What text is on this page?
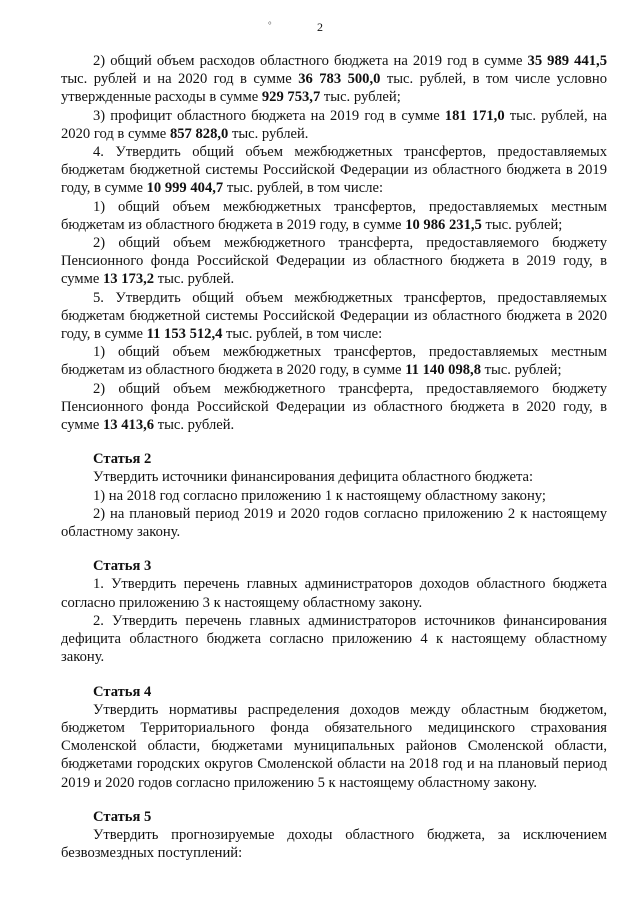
°	2

2) общий объем расходов областного бюджета на 2019 год в сумме 35 989 441,5 тыс. рублей и на 2020 год в сумме 36 783 500,0 тыс. рублей, в том числе условно утвержденные расходы в сумме 929 753,7 тыс. рублей;

3) профицит областного бюджета на 2019 год в сумме 181 171,0 тыс. рублей, на 2020 год в сумме 857 828,0 тыс. рублей.

4. Утвердить общий объем межбюджетных трансфертов, предоставляемых бюджетам бюджетной системы Российской Федерации из областного бюджета в 2019 году, в сумме 10 999 404,7 тыс. рублей, в том числе:

1) общий объем межбюджетных трансфертов, предоставляемых местным бюджетам из областного бюджета в 2019 году, в сумме 10 986 231,5 тыс. рублей;

2) общий объем межбюджетного трансферта, предоставляемого бюджету Пенсионного фонда Российской Федерации из областного бюджета в 2019 году, в сумме 13 173,2 тыс. рублей.

5. Утвердить общий объем межбюджетных трансфертов, предоставляемых бюджетам бюджетной системы Российской Федерации из областного бюджета в 2020 году, в сумме 11 153 512,4 тыс. рублей, в том числе:

1) общий объем межбюджетных трансфертов, предоставляемых местным бюджетам из областного бюджета в 2020 году, в сумме 11 140 098,8 тыс. рублей;

2) общий объем межбюджетного трансферта, предоставляемого бюджету Пенсионного фонда Российской Федерации из областного бюджета в 2020 году, в сумме 13 413,6 тыс. рублей.

Статья 2

Утвердить источники финансирования дефицита областного бюджета:

1) на 2018 год согласно приложению 1 к настоящему областному закону;

2) на плановый период 2019 и 2020 годов согласно приложению 2 к настоящему областному закону.

Статья 3

1. Утвердить перечень главных администраторов доходов областного бюджета согласно приложению 3 к настоящему областному закону.

2. Утвердить перечень главных администраторов источников финансирования дефицита областного бюджета согласно приложению 4 к настоящему областному закону.

Статья 4

Утвердить нормативы распределения доходов между областным бюджетом, бюджетом Территориального фонда обязательного медицинского страхования Смоленской области, бюджетами муниципальных районов Смоленской области, бюджетами городских округов Смоленской области на 2018 год и на плановый период 2019 и 2020 годов согласно приложению 5 к настоящему областному закону.

Статья 5

Утвердить прогнозируемые доходы областного бюджета, за исключением безвозмездных поступлений:
